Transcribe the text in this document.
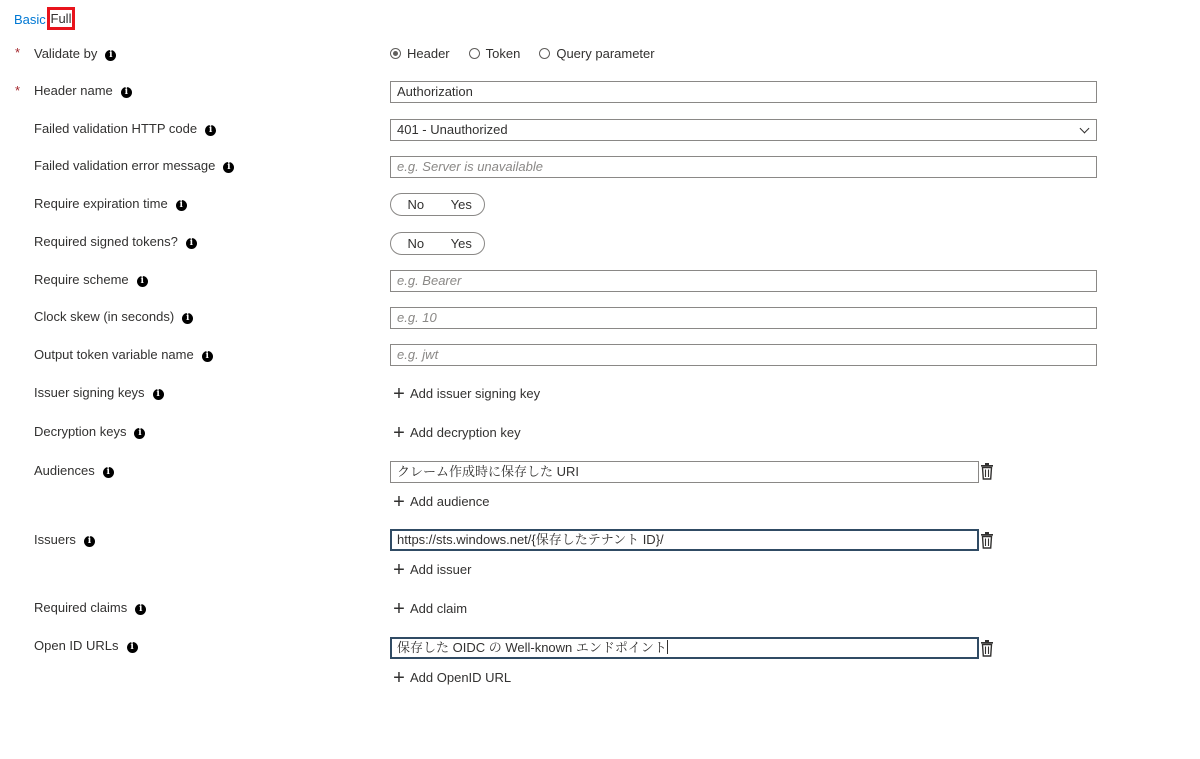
Basic Full
* Validate by i	Header	Token	Query parameter
* Header name i	Authorization
Failed validation HTTP code i	401 - Unauthorized
Failed validation error message i	e.g. Server is unavailable
Require expiration time i	No	Yes
Required signed tokens? i	No	Yes
Require scheme i	e.g. Bearer
Clock skew (in seconds) i	e.g. 10
Output token variable name i	e.g. jwt
Issuer signing keys i	+ Add issuer signing key
Decryption keys i	+ Add decryption key
Audiences i	クレーム作成時に保存した URI
+ Add audience
Issuers i	https://sts.windows.net/{保存したテナント ID}/
+ Add issuer
Required claims i	+ Add claim
Open ID URLs i	保存した OIDC の Well-known エンドポイント
+ Add OpenID URL
